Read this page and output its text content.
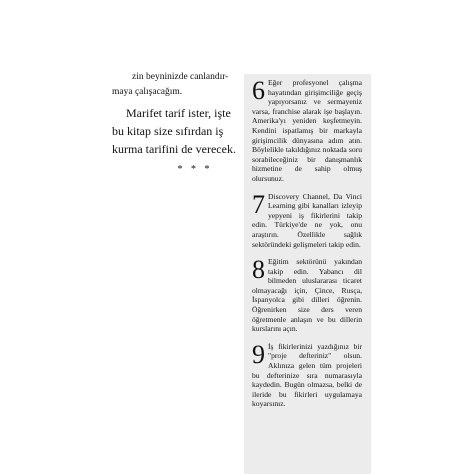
zin beyninizde canlandır-
maya çalışacağım.

Marifet tarif ister, işte
bu kitap size sıfırdan iş
kurma tarifini de verecek.

* * *
6 Eğer profesyonel çalışma hayatından girişimciliğe geçiş yapıyorsanız ve sermayeniz varsa, franchise alarak işe başlayın. Amerika'yı yeniden keşfetmeyin. Kendini ispatlamış bir markayla girişimcilik dünyasına adım atın. Böylelikle takıldığınız noktada soru sorabileceğiniz bir danışmanlık hizmetine de sahip olmuş olursunuz.
7 Discovery Channel, Da Vinci Learning gibi kanalları izleyip yepyeni iş fikirlerini takip edin. Türkiye'de ne yok, onu araştırın. Özellikle sağlık sektöründeki gelişmeleri takip edin.
8 Eğitim sektörünü yakından takip edin. Yabancı dil bilmeden uluslararası ticaret olmayacağı için, Çince, Rusça, İspanyolca gibi dilleri öğrenin. Öğrenirken size ders veren öğretmenle anlaşın ve bu dillerin kurslarını açın.
9 İş fikirlerinizi yazdığınız bir "proje defteriniz" olsun. Aklınıza gelen tüm projeleri bu defterinize sıra numarasıyla kaydedin. Bugün olmazsa, belki de ileride bu fikirleri uygulamaya koyarsınız.
